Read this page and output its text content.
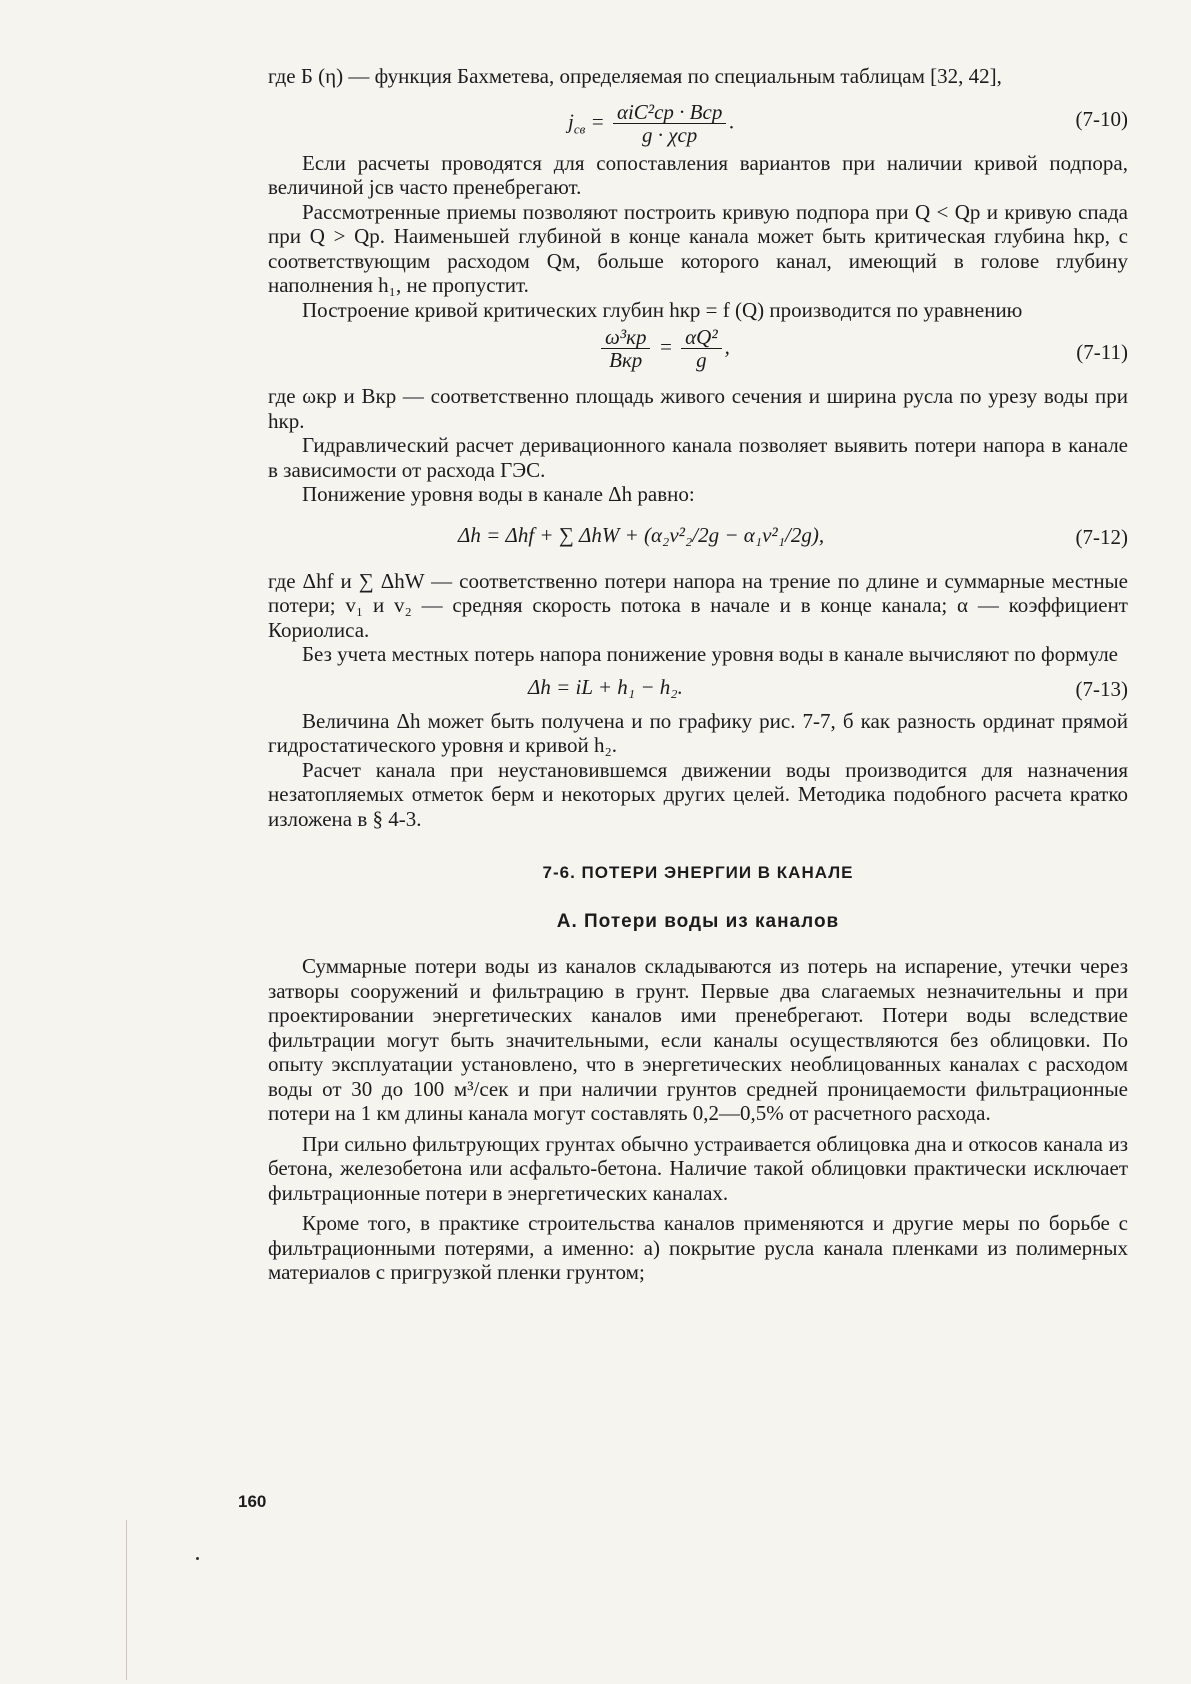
где Б (η) — функция Бахметева, определяемая по специальным таблицам [32, 42],

$j_{св} = \frac{\text{αiC²ср · Bср}}{\text{g · χср}}$ .	(7-10)

Если расчеты проводятся для сопоставления вариантов при наличии кривой подпора, величиной jсв часто пренебрегают.

Рассмотренные приемы позволяют построить кривую подпора при Q < Qр и кривую спада при Q > Qр. Наименьшей глубиной в конце канала может быть критическая глубина hкр, с соответствующим расходом Qм, больше которого канал, имеющий в голове глубину наполнения h₁, не пропустит.

Построение кривой критических глубин hкр = f (Q) производится по уравнению

$\frac{\text{ω³кр}}{\text{Bкр}} = \frac{\text{αQ²}}{g}$ ,	(7-11)

где ωкр и Bкр — соответственно площадь живого сечения и ширина русла по урезу воды при hкр.

Гидравлический расчет деривационного канала позволяет выявить потери напора в канале в зависимости от расхода ГЭС.

Понижение уровня воды в канале Δh равно:

Δh = Δhf + ∑ ΔhW + (α₂v²₂/2g − α₁v²₁/2g),	(7-12)

где Δhf и ∑ ΔhW — соответственно потери напора на трение по длине и суммарные местные потери; v₁ и v₂ — средняя скорость потока в начале и в конце канала; α — коэффициент Кориолиса.

Без учета местных потерь напора понижение уровня воды в канале вычисляют по формуле

Δh = iL + h₁ − h₂.	(7-13)

Величина Δh может быть получена и по графику рис. 7-7, б как разность ординат прямой гидростатического уровня и кривой h₂.

Расчет канала при неустановившемся движении воды производится для назначения незатопляемых отметок берм и некоторых других целей. Методика подобного расчета кратко изложена в § 4-3.

7-6. ПОТЕРИ ЭНЕРГИИ В КАНАЛЕ

А. Потери воды из каналов

Суммарные потери воды из каналов складываются из потерь на испарение, утечки через затворы сооружений и фильтрацию в грунт. Первые два слагаемых незначительны и при проектировании энергетических каналов ими пренебрегают. Потери воды вследствие фильтрации могут быть значительными, если каналы осуществляются без облицовки. По опыту эксплуатации установлено, что в энергетических необлицованных каналах с расходом воды от 30 до 100 м³/сек и при наличии грунтов средней проницаемости фильтрационные потери на 1 км длины канала могут составлять 0,2—0,5% от расчетного расхода.

При сильно фильтрующих грунтах обычно устраивается облицовка дна и откосов канала из бетона, железобетона или асфальто-бетона. Наличие такой облицовки практически исключает фильтрационные потери в энергетических каналах.

Кроме того, в практике строительства каналов применяются и другие меры по борьбе с фильтрационными потерями, а именно: а) покрытие русла канала пленками из полимерных материалов с пригрузкой пленки грунтом;

160
